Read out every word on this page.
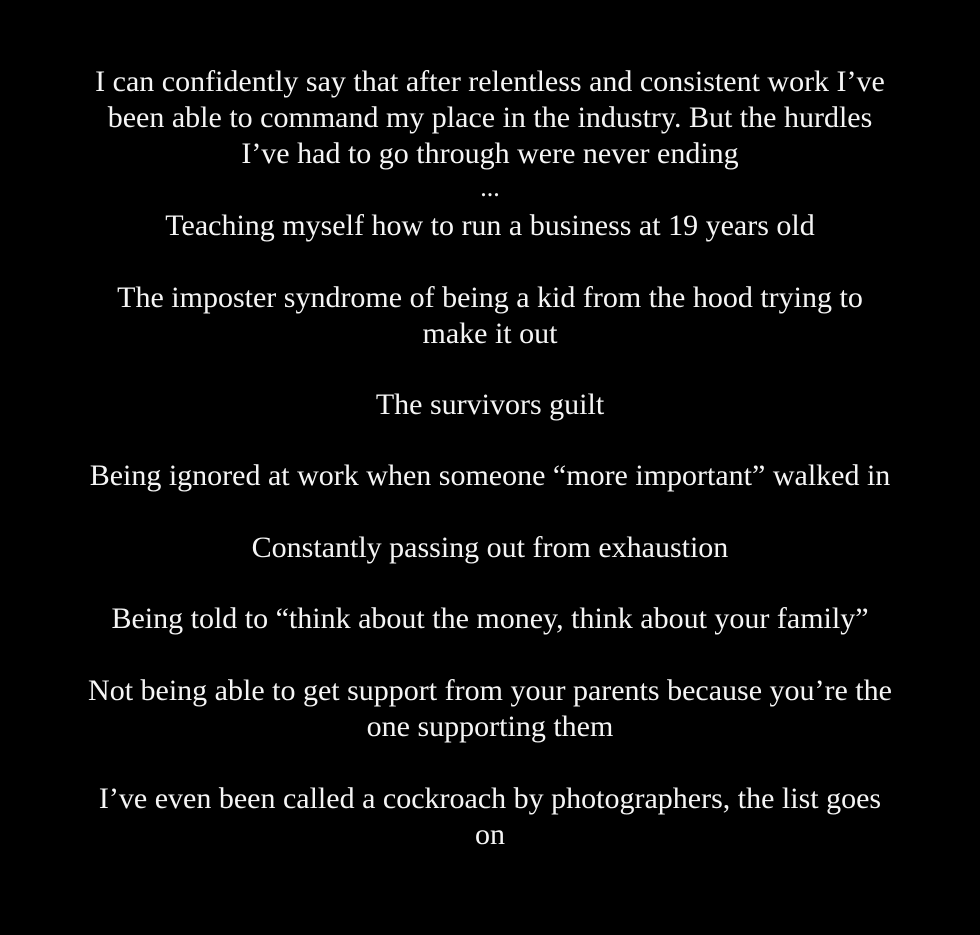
I can confidently say that after relentless and consistent work I’ve
been able to command my place in the industry. But the hurdles
I’ve had to go through were never ending
...
Teaching myself how to run a business at 19 years old
The imposter syndrome of being a kid from the hood trying to
make it out
The survivors guilt
Being ignored at work when someone “more important” walked in
Constantly passing out from exhaustion
Being told to “think about the money, think about your family”
Not being able to get support from your parents because you’re the
one supporting them
I’ve even been called a cockroach by photographers, the list goes
on
